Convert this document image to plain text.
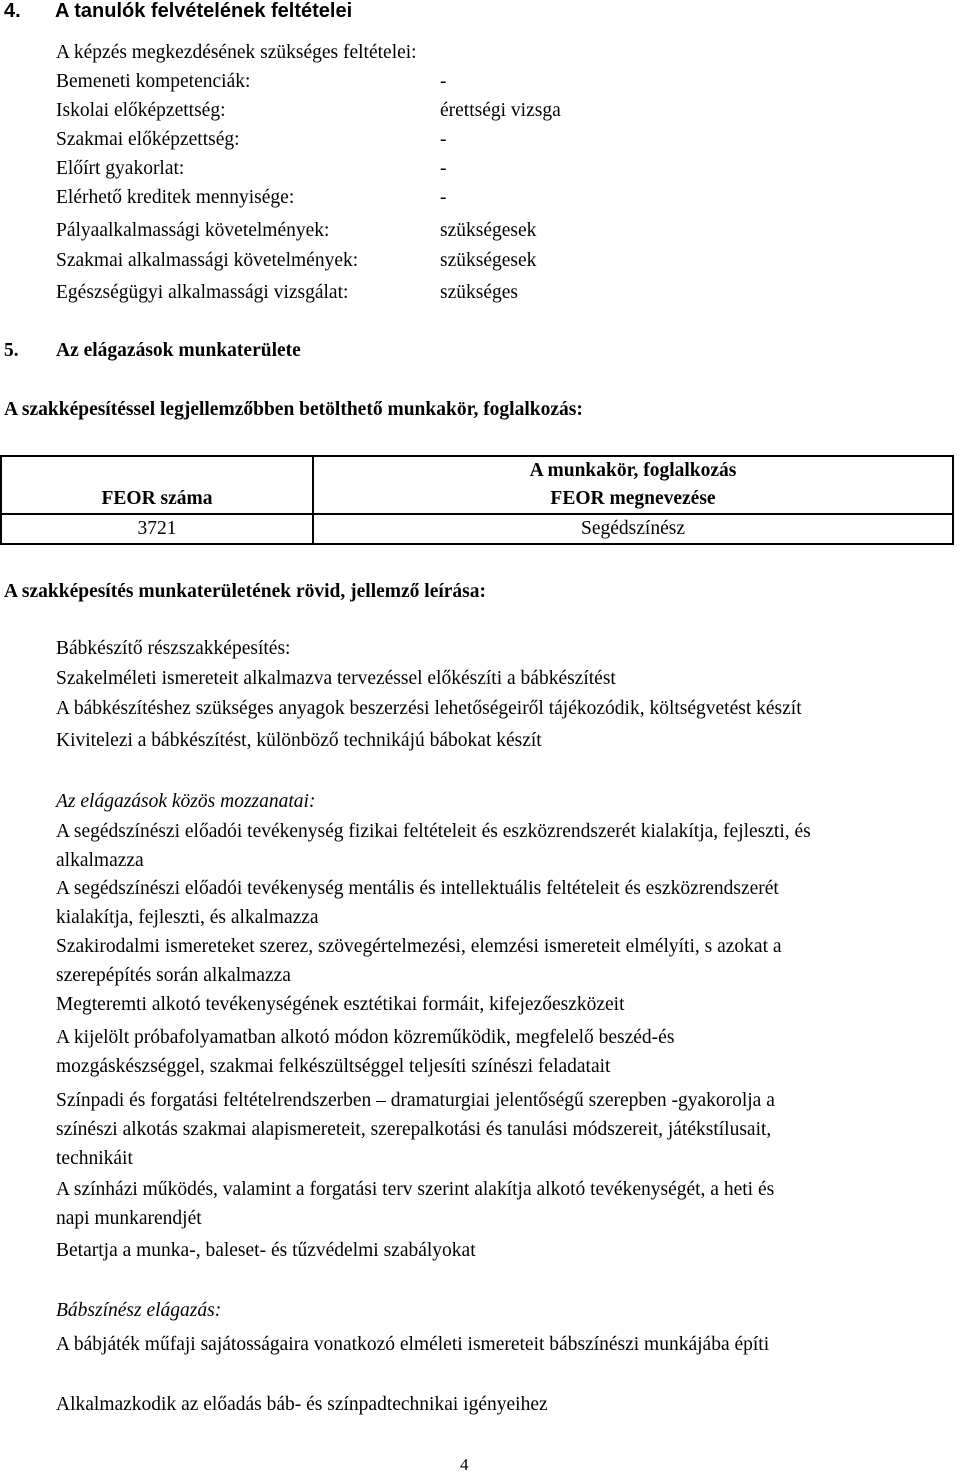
4. A tanulók felvételének feltételei
A képzés megkezdésének szükséges feltételei:
Bemeneti kompetenciák:	-
Iskolai előképzettség:	érettségi vizsga
Szakmai előképzettség:	-
Előírt gyakorlat:	-
Elérhető kreditek mennyisége:	-
Pályaalkalmassági követelmények:	szükségesek
Szakmai alkalmassági követelmények:	szükségesek
Egészségügyi alkalmassági vizsgálat:	szükséges
5. Az elágazások munkaterülete
A szakképesítéssel legjellemzőbben betölthető munkakör, foglalkozás:
	A munkakör, foglalkozás
FEOR száma	FEOR megnevezése
3721	Segédszínész
A szakképesítés munkaterületének rövid, jellemző leírása:
Bábkészítő részszakképesítés:
Szakelméleti ismereteit alkalmazva tervezéssel előkészíti a bábkészítést
A bábkészítéshez szükséges anyagok beszerzési lehetőségeiről tájékozódik, költségvetést készít
Kivitelezi a bábkészítést, különböző technikájú bábokat készít
Az elágazások közös mozzanatai:
A segédszínészi előadói tevékenység fizikai feltételeit és eszközrendszerét kialakítja, fejleszti, és
alkalmazza
A segédszínészi előadói tevékenység mentális és intellektuális feltételeit és eszközrendszerét
kialakítja, fejleszti, és alkalmazza
Szakirodalmi ismereteket szerez, szövegértelmezési, elemzési ismereteit elmélyíti, s azokat a
szerepépítés során alkalmazza
Megteremti alkotó tevékenységének esztétikai formáit, kifejezőeszközeit
A kijelölt próbafolyamatban alkotó módon közreműködik, megfelelő beszéd-és
mozgáskészséggel, szakmai felkészültséggel teljesíti színészi feladatait
Színpadi és forgatási feltételrendszerben – dramaturgiai jelentőségű szerepben -gyakorolja a
színészi alkotás szakmai alapismereteit, szerepalkotási és tanulási módszereit, játékstílusait,
technikáit
A színházi működés, valamint a forgatási terv szerint alakítja alkotó tevékenységét, a heti és
napi munkarendjét
Betartja a munka-, baleset- és tűzvédelmi szabályokat
Bábszínész elágazás:
A bábjáték műfaji sajátosságaira vonatkozó elméleti ismereteit bábszínészi munkájába építi
Alkalmazkodik az előadás báb- és színpadtechnikai igényeihez
4
